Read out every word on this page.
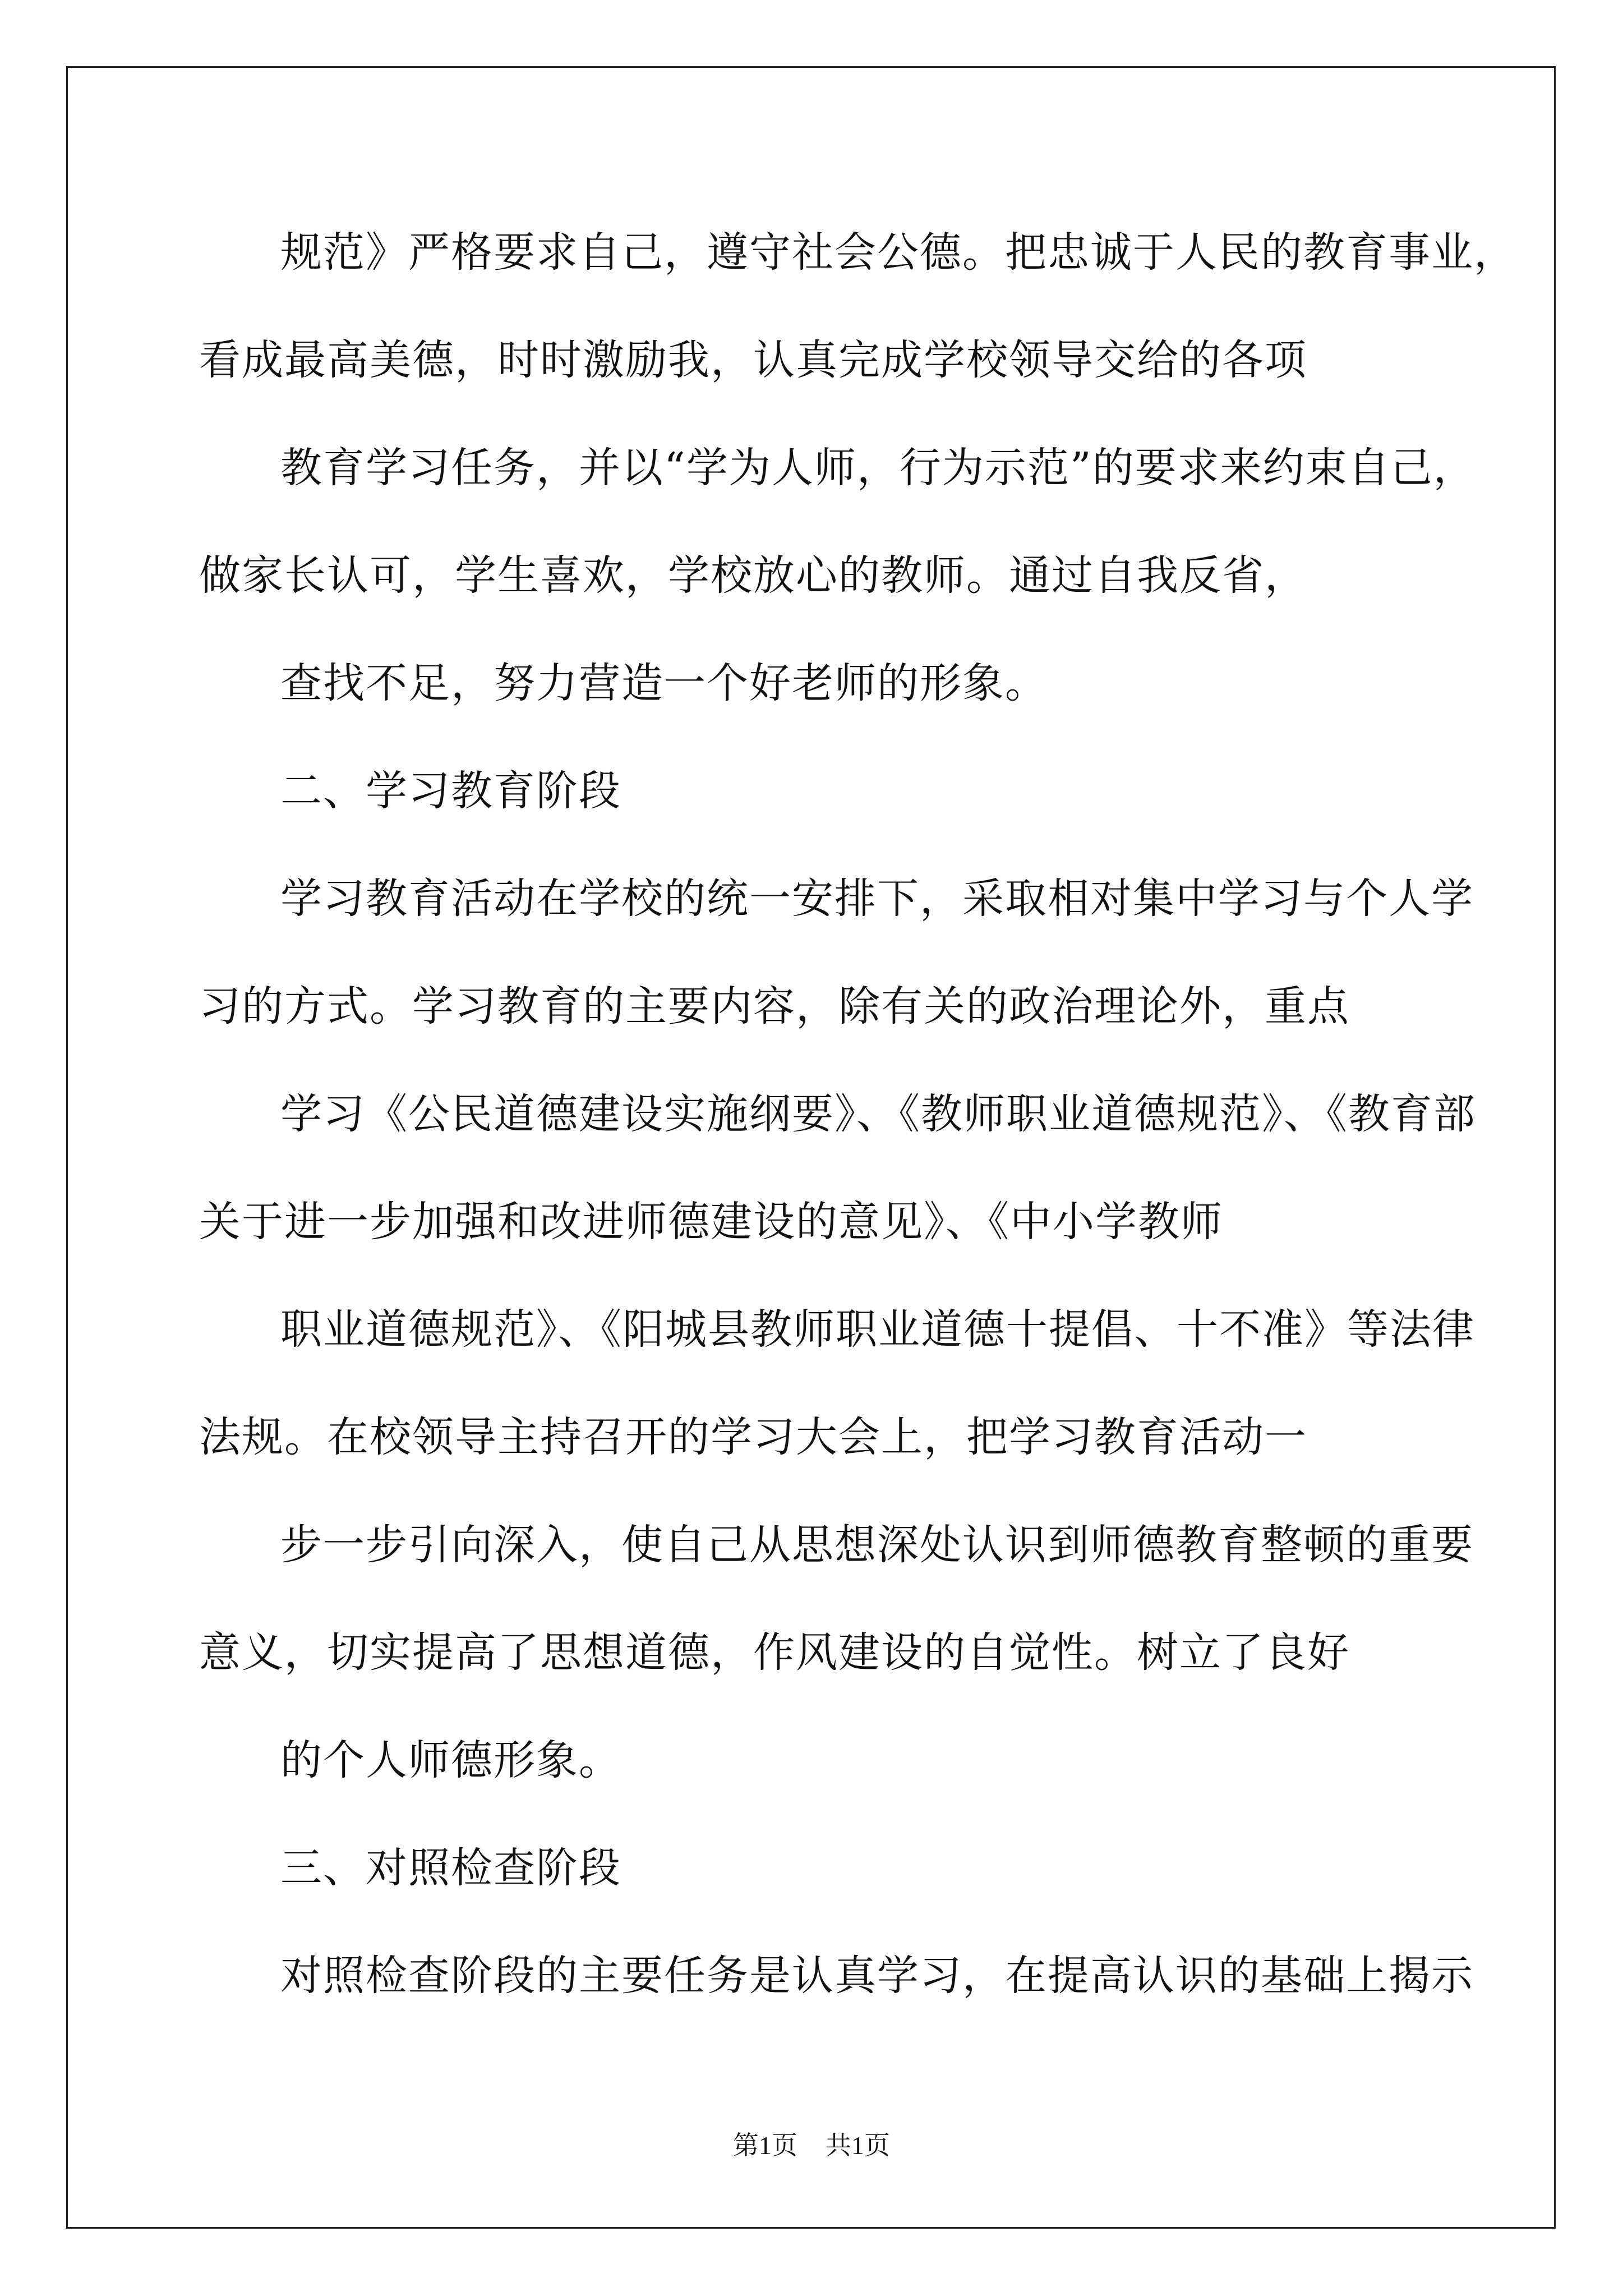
规范》严格要求自己，遵守社会公德。把忠诚于人民的教育事业，
看成最高美德，时时激励我，认真完成学校领导交给的各项
教育学习任务，并以“学为人师，行为示范”的要求来约束自己，
做家长认可，学生喜欢，学校放心的教师。通过自我反省，
查找不足，努力营造一个好老师的形象。
二、学习教育阶段
学习教育活动在学校的统一安排下，采取相对集中学习与个人学
习的方式。学习教育的主要内容，除有关的政治理论外，重点
学习《公民道德建设实施纲要》、《教师职业道德规范》、《教育部
关于进一步加强和改进师德建设的意见》、《中小学教师
职业道德规范》、《阳城县教师职业道德十提倡、十不准》等法律
法规。在校领导主持召开的学习大会上，把学习教育活动一
步一步引向深入，使自己从思想深处认识到师德教育整顿的重要
意义，切实提高了思想道德，作风建设的自觉性。树立了良好
的个人师德形象。
三、对照检查阶段
对照检查阶段的主要任务是认真学习，在提高认识的基础上揭示
第1页 共1页
